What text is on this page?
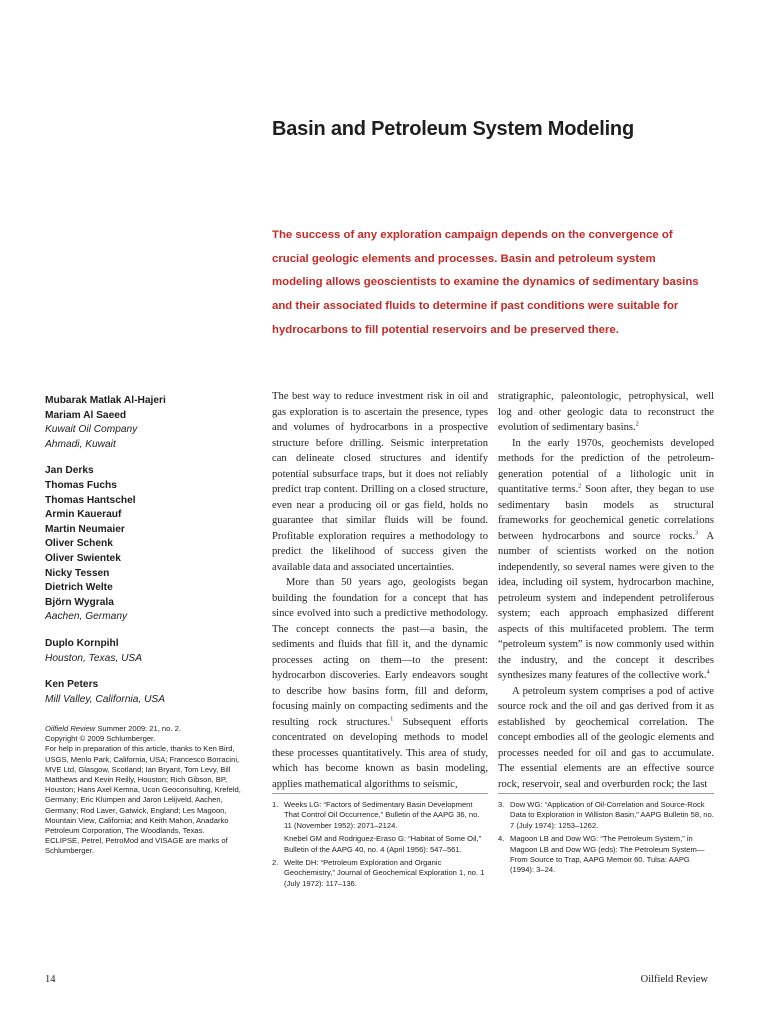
Basin and Petroleum System Modeling
The success of any exploration campaign depends on the convergence of crucial geologic elements and processes. Basin and petroleum system modeling allows geoscientists to examine the dynamics of sedimentary basins and their associated fluids to determine if past conditions were suitable for hydrocarbons to fill potential reservoirs and be preserved there.
Mubarak Matlak Al-Hajeri
Mariam Al Saeed
Kuwait Oil Company
Ahmadi, Kuwait
Jan Derks
Thomas Fuchs
Thomas Hantschel
Armin Kauerauf
Martin Neumaier
Oliver Schenk
Oliver Swientek
Nicky Tessen
Dietrich Welte
Björn Wygrala
Aachen, Germany
Duplo Kornpihl
Houston, Texas, USA
Ken Peters
Mill Valley, California, USA

Oilfield Review Summer 2009: 21, no. 2.

Copyright © 2009 Schlumberger.

For help in preparation of this article, thanks to Ken Bird, USGS, Menlo Park, California, USA; Francesco Borracini, MVE Ltd, Glasgow, Scotland; Ian Bryant, Tom Levy, Bill Matthews and Kevin Reilly, Houston; Rich Gibson, BP, Houston; Hans Axel Kemna, Ucon Geoconsulting, Krefeld, Germany; Eric Klumpen and Jaron Lelijveld, Aachen, Germany; Rod Laver, Gatwick, England; Les Magoon, Mountain View, California; and Keith Mahon, Anadarko Petroleum Corporation, The Woodlands, Texas.

ECLIPSE, Petrel, PetroMod and VISAGE are marks of Schlumberger.

The best way to reduce investment risk in oil and gas exploration is to ascertain the presence, types and volumes of hydrocarbons in a prospective structure before drilling. Seismic interpretation can delineate closed structures and identify potential subsurface traps, but it does not reliably predict trap content. Drilling on a closed structure, even near a producing oil or gas field, holds no guarantee that similar fluids will be found. Profitable exploration requires a methodology to predict the likelihood of success given the available data and associated uncertainties.

More than 50 years ago, geologists began building the foundation for a concept that has since evolved into such a predictive methodology. The concept connects the past—a basin, the sediments and fluids that fill it, and the dynamic processes acting on them—to the present: hydrocarbon discoveries. Early endeavors sought to describe how basins form, fill and deform, focusing mainly on compacting sediments and the resulting rock structures.$^1$ Subsequent efforts concentrated on developing methods to model these processes quantitatively. This area of study, which has become known as basin modeling, applies mathematical algorithms to seismic,

stratigraphic, paleontologic, petrophysical, well log and other geologic data to reconstruct the evolution of sedimentary basins.$^2$

In the early 1970s, geochemists developed methods for the prediction of the petroleum-generation potential of a lithologic unit in quantitative terms.$^2$ Soon after, they began to use sedimentary basin models as structural frameworks for geochemical genetic correlations between hydrocarbons and source rocks.$^3$ A number of scientists worked on the notion independently, so several names were given to the idea, including oil system, hydrocarbon machine, petroleum system and independent petroliferous system; each approach emphasized different aspects of this multifaceted problem. The term “petroleum system” is now commonly used within the industry, and the concept it describes synthesizes many features of the collective work.$^4$

A petroleum system comprises a pod of active source rock and the oil and gas derived from it as established by geochemical correlation. The concept embodies all of the geologic elements and processes needed for oil and gas to accumulate. The essential elements are an effective source rock, reservoir, seal and overburden rock; the last

1. Weeks LG: “Factors of Sedimentary Basin Development That Control Oil Occurrence,” Bulletin of the AAPG 36, no. 11 (November 1952): 2071–2124.
Knebel GM and Rodriguez-Eraso G: “Habitat of Some Oil,” Bulletin of the AAPG 40, no. 4 (April 1956): 547–561.
2. Welte DH: “Petroleum Exploration and Organic Geochemistry,” Journal of Geochemical Exploration 1, no. 1 (July 1972): 117–136.
3. Dow WG: “Application of Oil-Correlation and Source-Rock Data to Exploration in Williston Basin,” AAPG Bulletin 58, no. 7 (July 1974): 1253–1262.
4. Magoon LB and Dow WG: “The Petroleum System,” in Magoon LB and Dow WG (eds): The Petroleum System—From Source to Trap, AAPG Memoir 60. Tulsa: AAPG (1994): 3–24.
14	Oilfield Review
